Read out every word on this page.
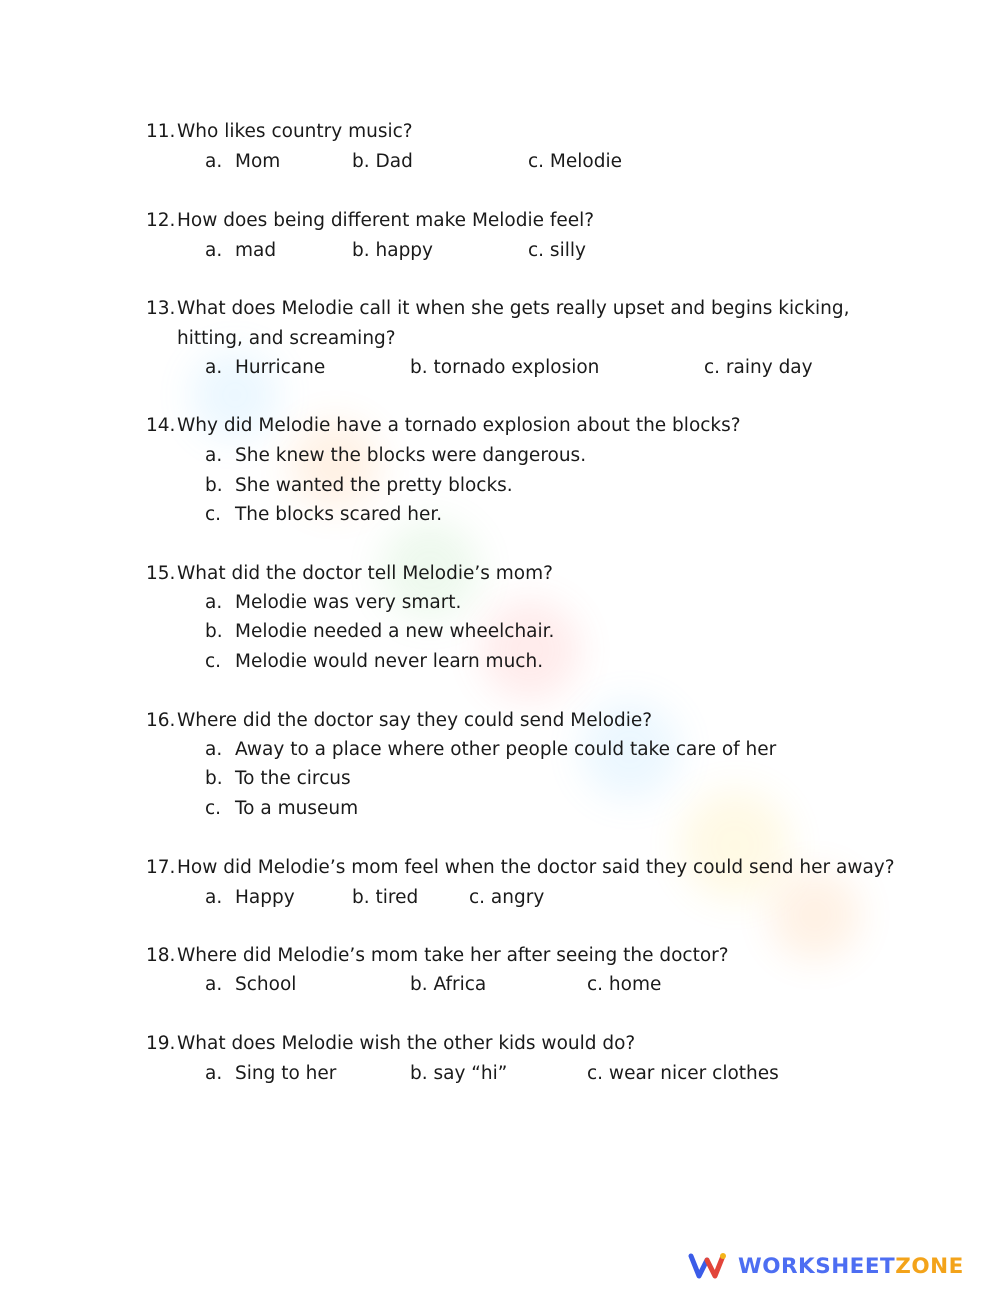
11.Who likes country music?
a. Mom	b. Dad	c. Melodie
12.How does being different make Melodie feel?
a. mad	b. happy	c. silly
13.What does Melodie call it when she gets really upset and begins kicking,
hitting, and screaming?
a. Hurricane	b. tornado explosion	c. rainy day
14.Why did Melodie have a tornado explosion about the blocks?
a. She knew the blocks were dangerous.
b. She wanted the pretty blocks.
c. The blocks scared her.
15.What did the doctor tell Melodie’s mom?
a. Melodie was very smart.
b. Melodie needed a new wheelchair.
c. Melodie would never learn much.
16.Where did the doctor say they could send Melodie?
a. Away to a place where other people could take care of her
b. To the circus
c. To a museum
17.How did Melodie’s mom feel when the doctor said they could send her away?
a. Happy	b. tired	c. angry
18.Where did Melodie’s mom take her after seeing the doctor?
a. School	b. Africa	c. home
19.What does Melodie wish the other kids would do?
a. Sing to her	b. say “hi”	c. wear nicer clothes
WORKSHEETZONE
